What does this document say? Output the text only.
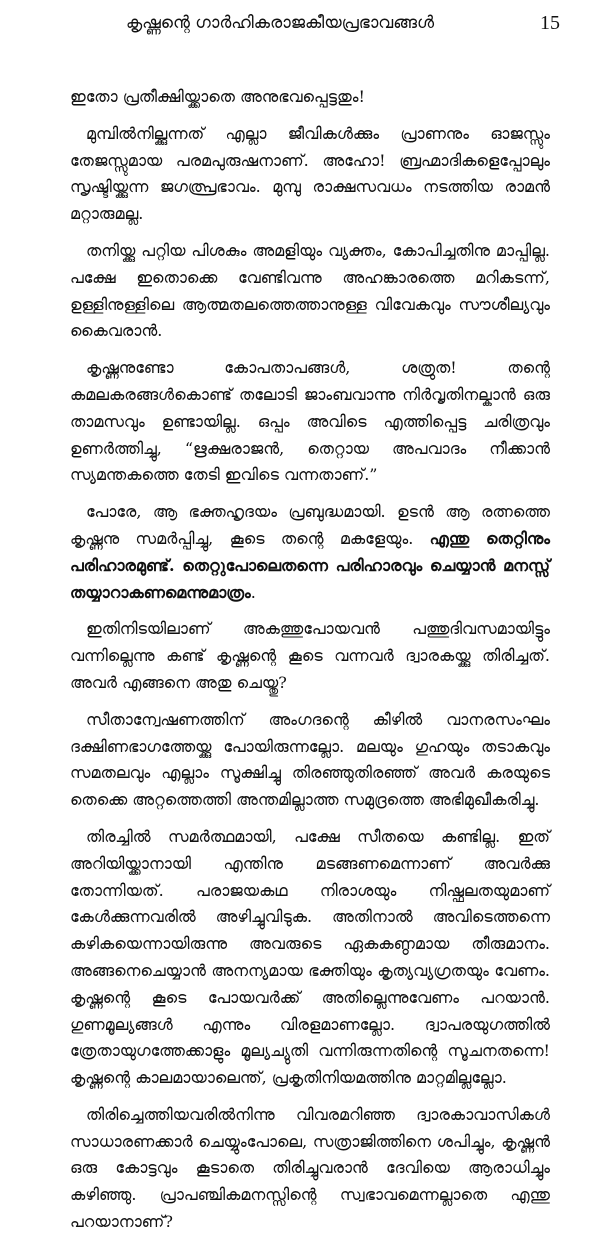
കൃഷ്ണന്റെ ഗാർഹികരാജകീയപ്രഭാവങ്ങൾ	15

ഇതോ പ്രതീക്ഷിയ്ക്കാതെ അനുഭവപ്പെട്ടതും!

മുമ്പിൽനില്ക്കുന്നത് എല്ലാ ജീവികൾക്കും പ്രാണനും ഓജസ്സും തേജസ്സുമായ പരമപുരുഷനാണ്. അഹോ! ബ്രഹ്മാദികളെപ്പോലും സൃഷ്ടിയ്ക്കുന്ന ജഗത്പ്രഭാവം. മുമ്പു രാക്ഷസവധം നടത്തിയ രാമൻ മറ്റാരുമല്ല.

തനിയ്ക്കു പറ്റിയ പിശകും അമളിയും വ്യക്തം, കോപിച്ചതിനു മാപ്പില്ല. പക്ഷേ ഇതൊക്കെ വേണ്ടിവന്നു അഹങ്കാരത്തെ മറികടന്ന്, ഉള്ളിനുള്ളിലെ ആത്മതലത്തെത്താനുള്ള വിവേകവും സൗശീല്യവും കൈവരാൻ.

കൃഷ്ണനുണ്ടോ കോപതാപങ്ങൾ, ശത്രുത! തന്റെ കമലകരങ്ങൾകൊണ്ട് തലോടി ജാംബവാന്നു നിർവൃതിനല്കാൻ ഒരു താമസവും ഉണ്ടായില്ല. ഒപ്പം അവിടെ എത്തിപ്പെട്ട ചരിത്രവും ഉണർത്തിച്ചു, “ഋക്ഷരാജൻ, തെറ്റായ അപവാദം നീക്കാൻ സ്യമന്തകത്തെ തേടി ഇവിടെ വന്നതാണ്.”

പോരേ, ആ ഭക്തഹൃദയം പ്രബുദ്ധമായി. ഉടൻ ആ രത്നത്തെ കൃഷ്ണനു സമർപ്പിച്ചു, കൂടെ തന്റെ മകളേയും. എന്തു തെറ്റിനും പരിഹാരമുണ്ട്. തെറ്റുപോലെതന്നെ പരിഹാരവും ചെയ്യാൻ മനസ്സ് തയ്യാറാകണമെന്നുമാത്രം.

ഇതിനിടയിലാണ് അകത്തുപോയവൻ പത്തുദിവസമായിട്ടും വന്നില്ലെന്നു കണ്ട് കൃഷ്ണന്റെ കൂടെ വന്നവർ ദ്വാരകയ്ക്കു തിരിച്ചത്. അവർ എങ്ങനെ അതു ചെയ്തു?

സീതാന്വേഷണത്തിന് അംഗദന്റെ കീഴിൽ വാനരസംഘം ദക്ഷിണഭാഗത്തേയ്ക്കു പോയിരുന്നല്ലോ. മലയും ഗുഹയും തടാകവും സമതലവും എല്ലാം സൂക്ഷിച്ചു തിരഞ്ഞുതിരഞ്ഞ് അവർ കരയുടെ തെക്കെ അറ്റത്തെത്തി അന്തമില്ലാത്ത സമുദ്രത്തെ അഭിമുഖീകരിച്ചു.

തിരച്ചിൽ സമർത്ഥമായി, പക്ഷേ സീതയെ കണ്ടില്ല. ഇത് അറിയിയ്ക്കാനായി എന്തിനു മടങ്ങണമെന്നാണ് അവർക്കു തോന്നിയത്. പരാജയകഥ നിരാശയും നിഷ്ഫലതയുമാണ് കേൾക്കുന്നവരിൽ അഴിച്ചുവിടുക. അതിനാൽ അവിടെത്തന്നെ കഴികയെന്നായിരുന്നു അവരുടെ ഏകകണ്ഠമായ തീരുമാനം. അങ്ങനെചെയ്യാൻ അനന്യമായ ഭക്തിയും കൃത്യവ്യഗ്രതയും വേണം. കൃഷ്ണന്റെ കൂടെ പോയവർക്ക് അതില്ലെന്നുവേണം പറയാൻ. ഗുണമൂല്യങ്ങൾ എന്നും വിരളമാണല്ലോ. ദ്വാപരയുഗത്തിൽ ത്രേതായുഗത്തേക്കാളും മൂല്യച്യുതി വന്നിരുന്നതിന്റെ സൂചനതന്നെ! കൃഷ്ണന്റെ കാലമായാലെന്ത്, പ്രകൃതിനിയമത്തിനു മാറ്റമില്ലല്ലോ.

തിരിച്ചെത്തിയവരിൽനിന്നു വിവരമറിഞ്ഞ ദ്വാരകാവാസികൾ സാധാരണക്കാർ ചെയ്യുംപോലെ, സത്രാജിത്തിനെ ശപിച്ചും, കൃഷ്ണൻ ഒരു കോട്ടവും കൂടാതെ തിരിച്ചുവരാൻ ദേവിയെ ആരാധിച്ചും കഴിഞ്ഞു. പ്രാപഞ്ചികമനസ്സിന്റെ സ്വഭാവമെന്നല്ലാതെ എന്തു പറയാനാണ്?
